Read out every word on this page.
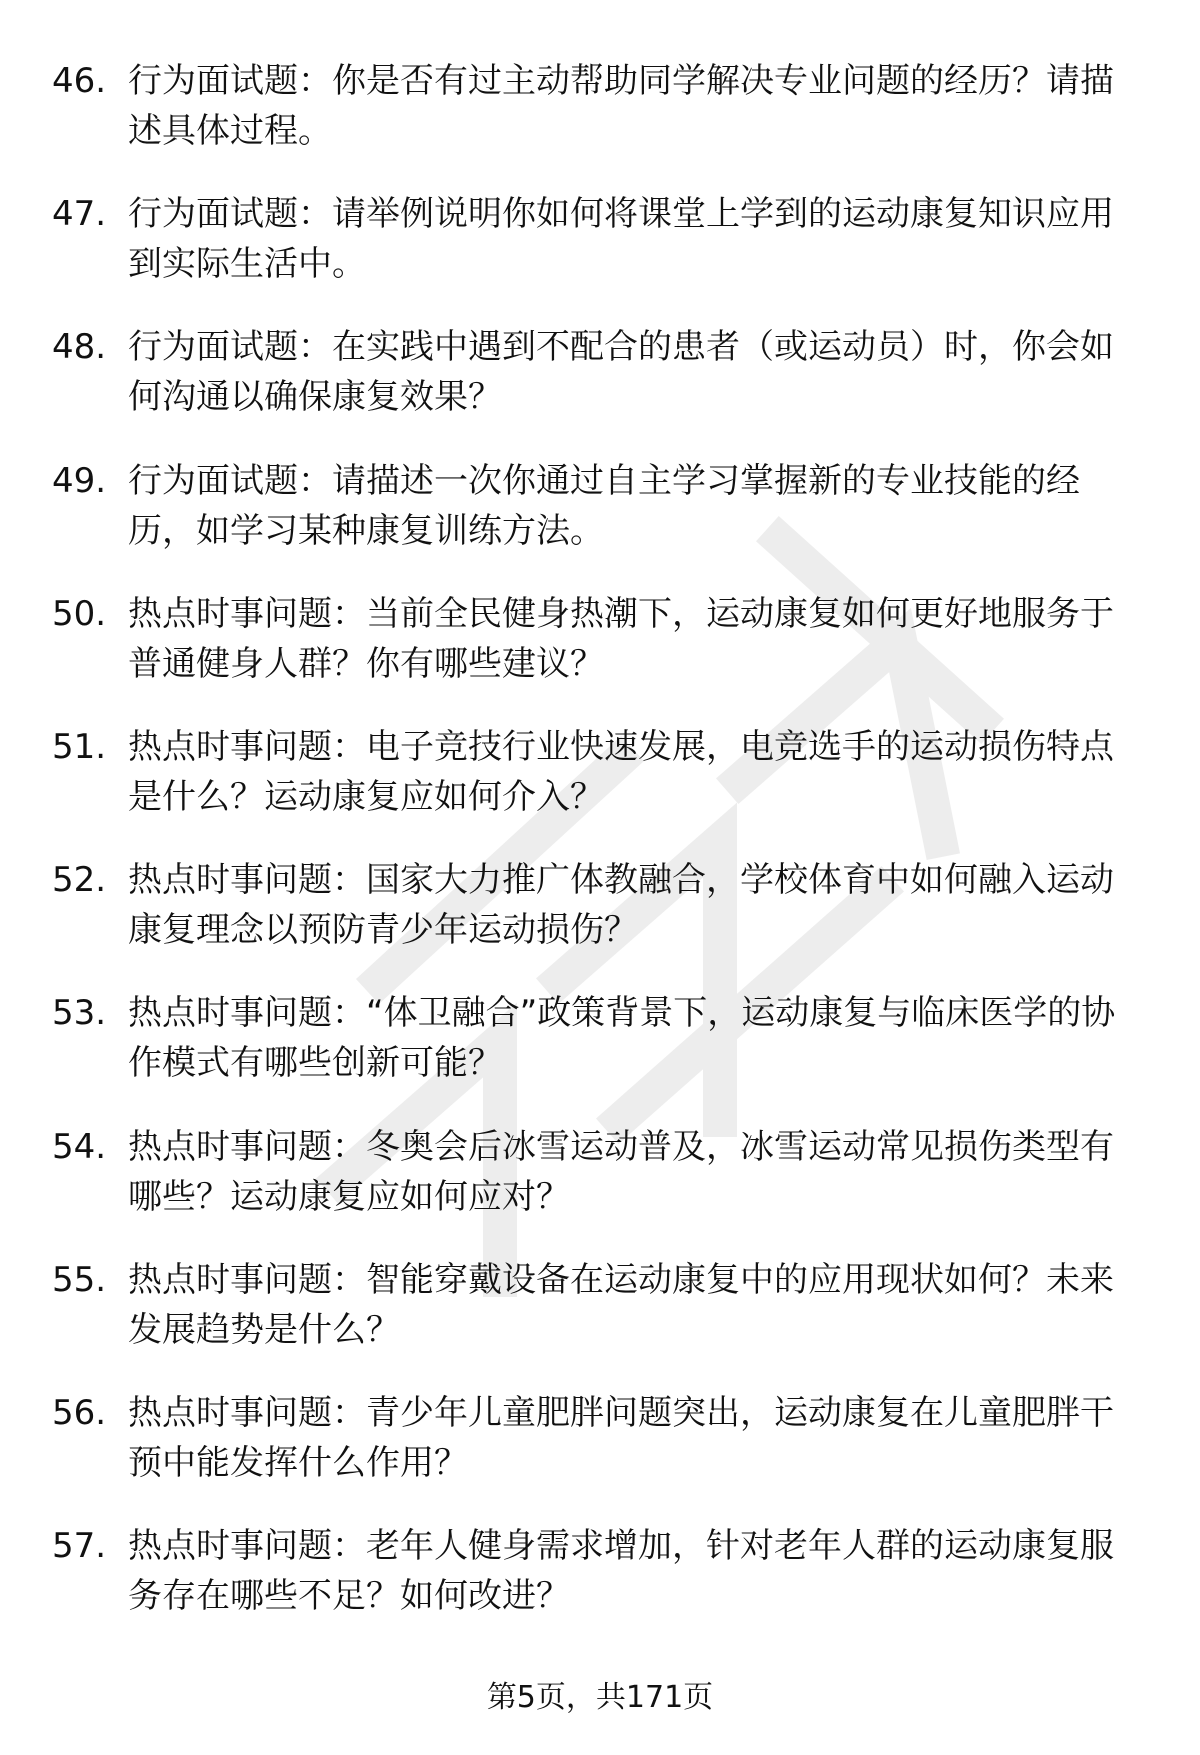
46. 行为面试题：你是否有过主动帮助同学解决专业问题的经历？请描述具体过程。
47. 行为面试题：请举例说明你如何将课堂上学到的运动康复知识应用到实际生活中。
48. 行为面试题：在实践中遇到不配合的患者（或运动员）时，你会如何沟通以确保康复效果？
49. 行为面试题：请描述一次你通过自主学习掌握新的专业技能的经历，如学习某种康复训练方法。
50. 热点时事问题：当前全民健身热潮下，运动康复如何更好地服务于普通健身人群？你有哪些建议？
51. 热点时事问题：电子竞技行业快速发展，电竞选手的运动损伤特点是什么？运动康复应如何介入？
52. 热点时事问题：国家大力推广体教融合，学校体育中如何融入运动康复理念以预防青少年运动损伤？
53. 热点时事问题：“体卫融合”政策背景下，运动康复与临床医学的协作模式有哪些创新可能？
54. 热点时事问题：冬奥会后冰雪运动普及，冰雪运动常见损伤类型有哪些？运动康复应如何应对？
55. 热点时事问题：智能穿戴设备在运动康复中的应用现状如何？未来发展趋势是什么？
56. 热点时事问题：青少年儿童肥胖问题突出，运动康复在儿童肥胖干预中能发挥什么作用？
57. 热点时事问题：老年人健身需求增加，针对老年人群的运动康复服务存在哪些不足？如何改进？
第5页，共171页
